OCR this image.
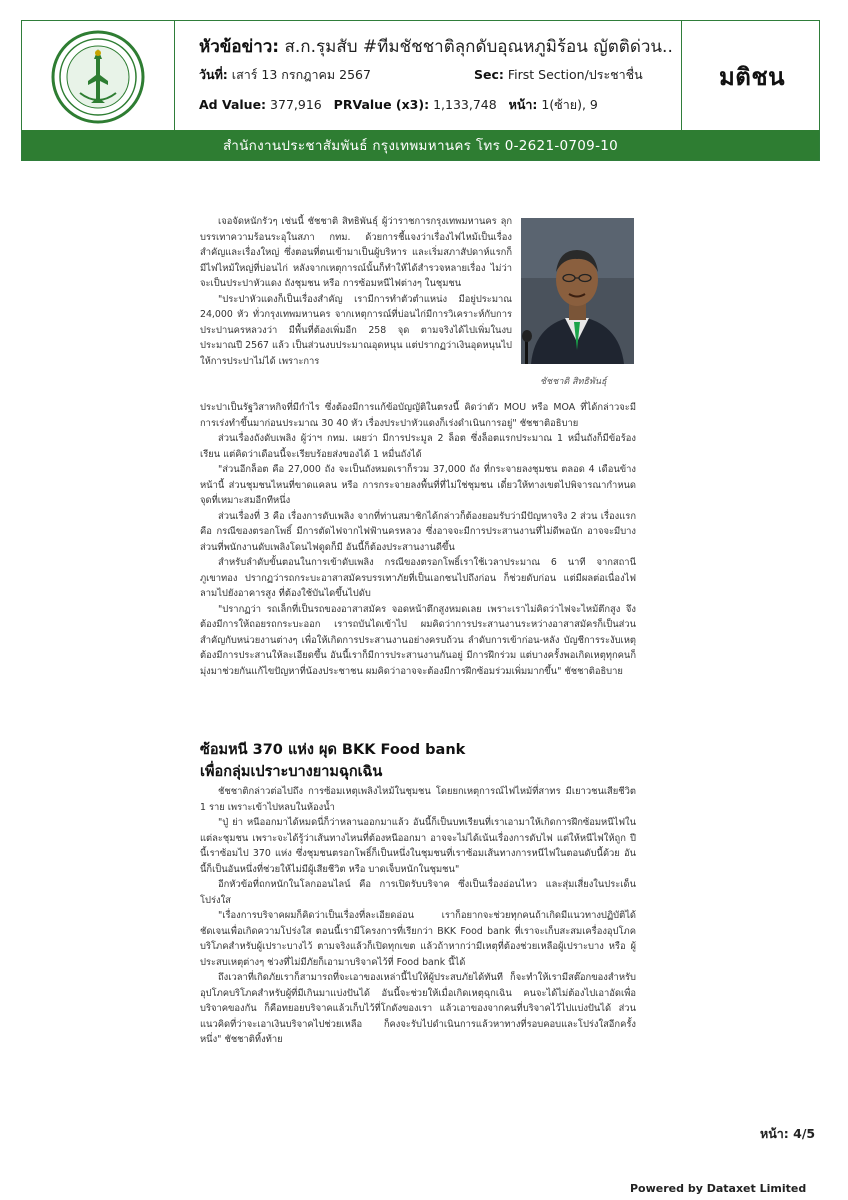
หัวข้อข่าว: ส.ก.รุมสับ #ทีมชัชชาติลุกดับอุณหภูมิร้อน ญัตติด่วน..
วันที่: เสาร์ 13 กรกฎาคม 2567	Sec: First Section/ประชาชื่น
Ad Value: 377,916 PRValue (x3): 1,133,748 หน้า: 1(ซ้าย), 9
มติชน
สำนักงานประชาสัมพันธ์ กรุงเทพมหานคร โทร 0-2621-0709-10
ชัชชาติ สิทธิพันธุ์

เจอจัดหนักรัวๆ เช่นนี้ ชัชชาติ สิทธิพันธุ์ ผู้ว่าราชการกรุงเทพมหานคร ลุกบรรเทาความร้อนระอุในสภา กทม. ด้วยการชี้แจงว่าเรื่องไฟไหม้เป็นเรื่องสำคัญและเรื่องใหญ่ ซึ่งตอนที่ตนเข้ามาเป็นผู้บริหาร และเริ่มสภาสัปดาห์แรกก็มีไฟไหม้ใหญ่ที่บ่อนไก่ หลังจากเหตุการณ์นั้นก็ทำให้ได้สำรวจหลายเรื่อง ไม่ว่าจะเป็นประปาหัวแดง ถังชุมชน หรือ การซ้อมหนีไฟต่างๆ ในชุมชน

"ประปาหัวแดงก็เป็นเรื่องสำคัญ เรามีการทำตัวตำแหน่ง มีอยู่ประมาณ 24,000 หัว ทั่วกรุงเทพมหานคร จากเหตุการณ์ที่บ่อนไก่มีการวิเคราะห์กับการประปานครหลวงว่า มีพื้นที่ต้องเพิ่มอีก 258 จุด ตามจริงได้ไปเพิ่มในงบประมาณปี 2567 แล้ว เป็นส่วนงบประมาณอุดหนุน แต่ปรากฏว่าเงินอุดหนุนไปให้การประปาไม่ได้ เพราะการ

ประปาเป็นรัฐวิสาหกิจที่มีกำไร ซึ่งต้องมีการแก้ข้อบัญญัติในตรงนี้ คิดว่าตัว MOU หรือ MOA ที่ได้กล่าวจะมีการเร่งทำขึ้นมาก่อนประมาณ 30 40 หัว เรื่องประปาหัวแดงก็เร่งดำเนินการอยู่" ชัชชาติอธิบาย

ส่วนเรื่องถังดับเพลิง ผู้ว่าฯ กทม. เผยว่า มีการประมูล 2 ล็อต ซึ่งล็อตแรกประมาณ 1 หมื่นถังก็มีข้อร้องเรียน แต่คิดว่าเดือนนี้จะเรียบร้อยส่งของได้ 1 หมื่นถังได้

"ส่วนอีกล็อต คือ 27,000 ถัง จะเป็นถังหมดเราก็รวม 37,000 ถัง ที่กระจายลงชุมชน ตลอด 4 เดือนข้างหน้านี้ ส่วนชุมชนไหนที่ขาดแคลน หรือ การกระจายลงพื้นที่ที่ไม่ใช่ชุมชน เดี๋ยวให้ทางเขตไปพิจารณากำหนดจุดที่เหมาะสมอีกทีหนึ่ง

ส่วนเรื่องที่ 3 คือ เรื่องการดับเพลิง จากที่ท่านสมาชิกได้กล่าวก็ต้องยอมรับว่ามีปัญหาจริง 2 ส่วน เรื่องแรก คือ กรณีของตรอกโพธิ์ มีการตัดไฟจากไฟฟ้านครหลวง ซึ่งอาจจะมีการประสานงานที่ไม่ดีพอนัก อาจจะมีบางส่วนที่พนักงานดับเพลิงโดนไฟดูดก็มี อันนี้ก็ต้องประสานงานดีขึ้น

สำหรับลำดับขั้นตอนในการเข้าดับเพลิง กรณีของตรอกโพธิ์เราใช้เวลาประมาณ 6 นาที จากสถานีภูเขาทอง ปรากฏว่ารถกระบะอาสาสมัครบรรเทาภัยที่เป็นเอกชนไปถึงก่อน ก็ช่วยดับก่อน แต่มีผลต่อเนื่องไฟลามไปยังอาคารสูง ที่ต้องใช้บันไดขึ้นไปดับ

"ปรากฏว่า รถเล็กที่เป็นรถของอาสาสมัคร จอดหน้าตึกสูงหมดเลย เพราะเราไม่คิดว่าไฟจะไหม้ตึกสูง จึงต้องมีการให้ถอยรถกระบะออก เรารถบันไดเข้าไป ผมคิดว่าการประสานงานระหว่างอาสาสมัครก็เป็นส่วนสำคัญกับหน่วยงานต่างๆ เพื่อให้เกิดการประสานงานอย่างครบถ้วน ลำดับการเข้าก่อน-หลัง บัญชีการระงับเหตุต้องมีการประสานให้ละเอียดขึ้น อันนี้เราก็มีการประสานงานกันอยู่ มีการฝึกร่วม แต่บางครั้งพอเกิดเหตุทุกคนก็มุ่งมาช่วยกันแก้ไขปัญหาที่น้องประชาชน ผมคิดว่าอาจจะต้องมีการฝึกซ้อมร่วมเพิ่มมากขึ้น" ชัชชาติอธิบาย

ซ้อมหนี 370 แห่ง ผุด BKK Food bank
เพื่อกลุ่มเปราะบางยามฉุกเฉิน

ชัชชาติกล่าวต่อไปถึง การซ้อมเหตุเพลิงไหม้ในชุมชน โดยยกเหตุการณ์ไฟไหม้ที่สาทร มีเยาวชนเสียชีวิต 1 ราย เพราะเข้าไปหลบในห้องน้ำ

"ปู่ ย่า หนีออกมาได้หมดนี่ก็ว่าหลานออกมาแล้ว อันนี้ก็เป็นบทเรียนที่เราเอามาให้เกิดการฝึกซ้อมหนีไฟในแต่ละชุมชน เพราะจะได้รู้ว่าเส้นทางไหนที่ต้องหนีออกมา อาจจะไม่ได้เน้นเรื่องการดับไฟ แต่ให้หนีไฟให้ถูก ปีนี้เราซ้อมไป 370 แห่ง ซึ่งชุมชนตรอกโพธิ์ก็เป็นหนึ่งในชุมชนที่เราซ้อมเส้นทางการหนีไฟในตอนดับนี้ด้วย อันนี้ก็เป็นอันหนึ่งที่ช่วยให้ไม่มีผู้เสียชีวิต หรือ บาดเจ็บหนักในชุมชน"

อีกหัวข้อที่ถกหนักในโลกออนไลน์ คือ การเปิดรับบริจาค ซึ่งเป็นเรื่องอ่อนไหว และสุ่มเสี่ยงในประเด็นโปร่งใส

"เรื่องการบริจาคผมก็คิดว่าเป็นเรื่องที่ละเอียดอ่อน เราก็อยากจะช่วยทุกคนถ้าเกิดมีแนวทางปฏิบัติได้ชัดเจนเพื่อเกิดความโปร่งใส ตอนนี้เรามีโครงการที่เรียกว่า BKK Food bank ที่เราจะเก็บสะสมเครื่องอุปโภคบริโภคสำหรับผู้เปราะบางไว้ ตามจริงแล้วก็เปิดทุกเขต แล้วถ้าหากว่ามีเหตุที่ต้องช่วยเหลือผู้เปราะบาง หรือ ผู้ประสบเหตุต่างๆ ช่วงที่ไม่มีภัยก็เอามาบริจาคไว้ที่ Food bank นี้ได้

ถึงเวลาที่เกิดภัยเราก็สามารถที่จะเอาของเหล่านี้ไปให้ผู้ประสบภัยได้ทันที ก็จะทำให้เรามีสต๊อกของสำหรับอุปโภคบริโภคสำหรับผู้ที่มีเกินมาแบ่งปันได้ อันนี้จะช่วยให้เมื่อเกิดเหตุฉุกเฉิน คนจะได้ไม่ต้องไปเอาอัดเพื่อบริจาคของกัน ก็คือทยอยบริจาคแล้วเก็บไว้ที่โกดังของเรา แล้วเอาของจากคนที่บริจาคไว้ไปแบ่งปันได้ ส่วนแนวคิดที่ว่าจะเอาเงินบริจาคไปช่วยเหลือ ก็คงจะรับไปดำเนินการแล้วหาทางที่รอบคอบและโปร่งใสอีกครั้งหนึ่ง" ชัชชาติทิ้งท้าย

หน้า: 4/5
Powered by Dataxet Limited
